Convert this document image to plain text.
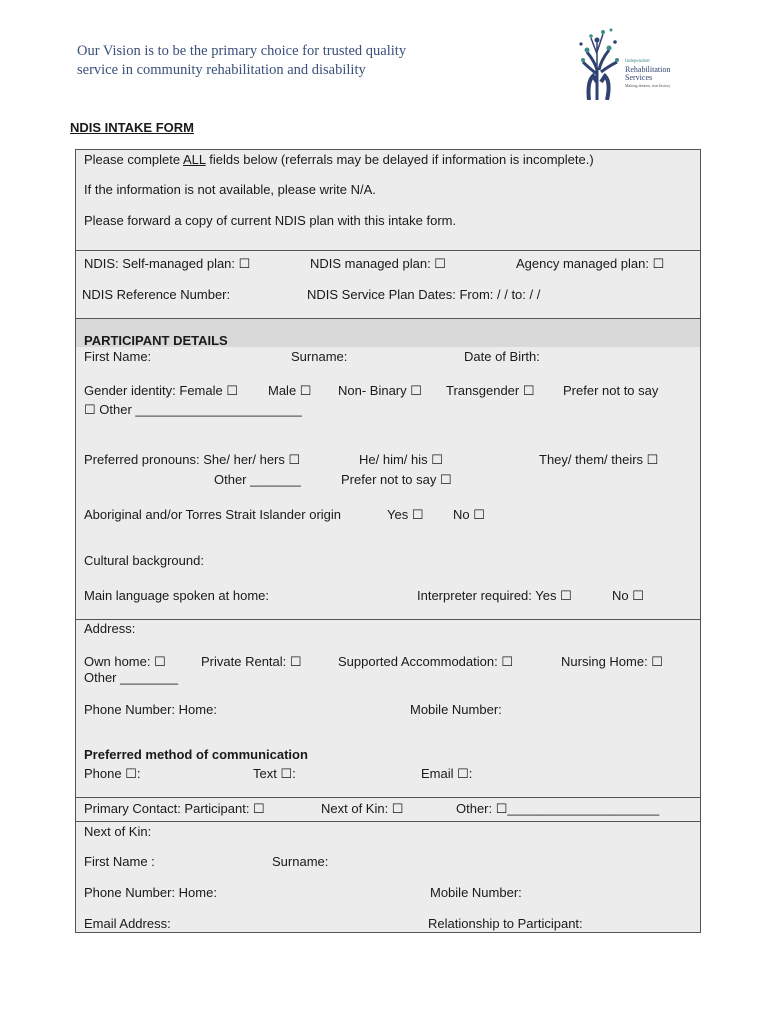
Our Vision is to be the primary choice for trusted quality
service in community rehabilitation and disability
Independent
Rehabilitation
Services
Making dreams, true history
NDIS INTAKE FORM
Please complete ALL fields below (referrals may be delayed if information is incomplete.)
If the information is not available, please write N/A.
Please forward a copy of current NDIS plan with this intake form.
NDIS: Self-managed plan: ☐	NDIS managed plan: ☐	Agency managed plan: ☐
NDIS Reference Number:	NDIS Service Plan Dates: From: / / to: / /
PARTICIPANT DETAILS
First Name:	Surname:	Date of Birth:
Gender identity: Female ☐ Male ☐ Non- Binary ☐ Transgender ☐ Prefer not to say
☐ Other _______________________
Preferred pronouns: She/ her/ hers ☐	He/ him/ his ☐	They/ them/ theirs ☐
Other _______	Prefer not to say ☐
Aboriginal and/or Torres Strait Islander origin	Yes ☐ No ☐
Cultural background:
Main language spoken at home:	Interpreter required: Yes ☐	No ☐
Address:
Own home: ☐	Private Rental: ☐	Supported Accommodation: ☐	Nursing Home: ☐
Other ________
Phone Number: Home:	Mobile Number:
Preferred method of communication
Phone ☐:	Text ☐:	Email ☐:
Primary Contact: Participant: ☐	Next of Kin: ☐	Other: ☐_____________________
Next of Kin:
First Name :	Surname:
Phone Number: Home:	Mobile Number:
Email Address:	Relationship to Participant:
